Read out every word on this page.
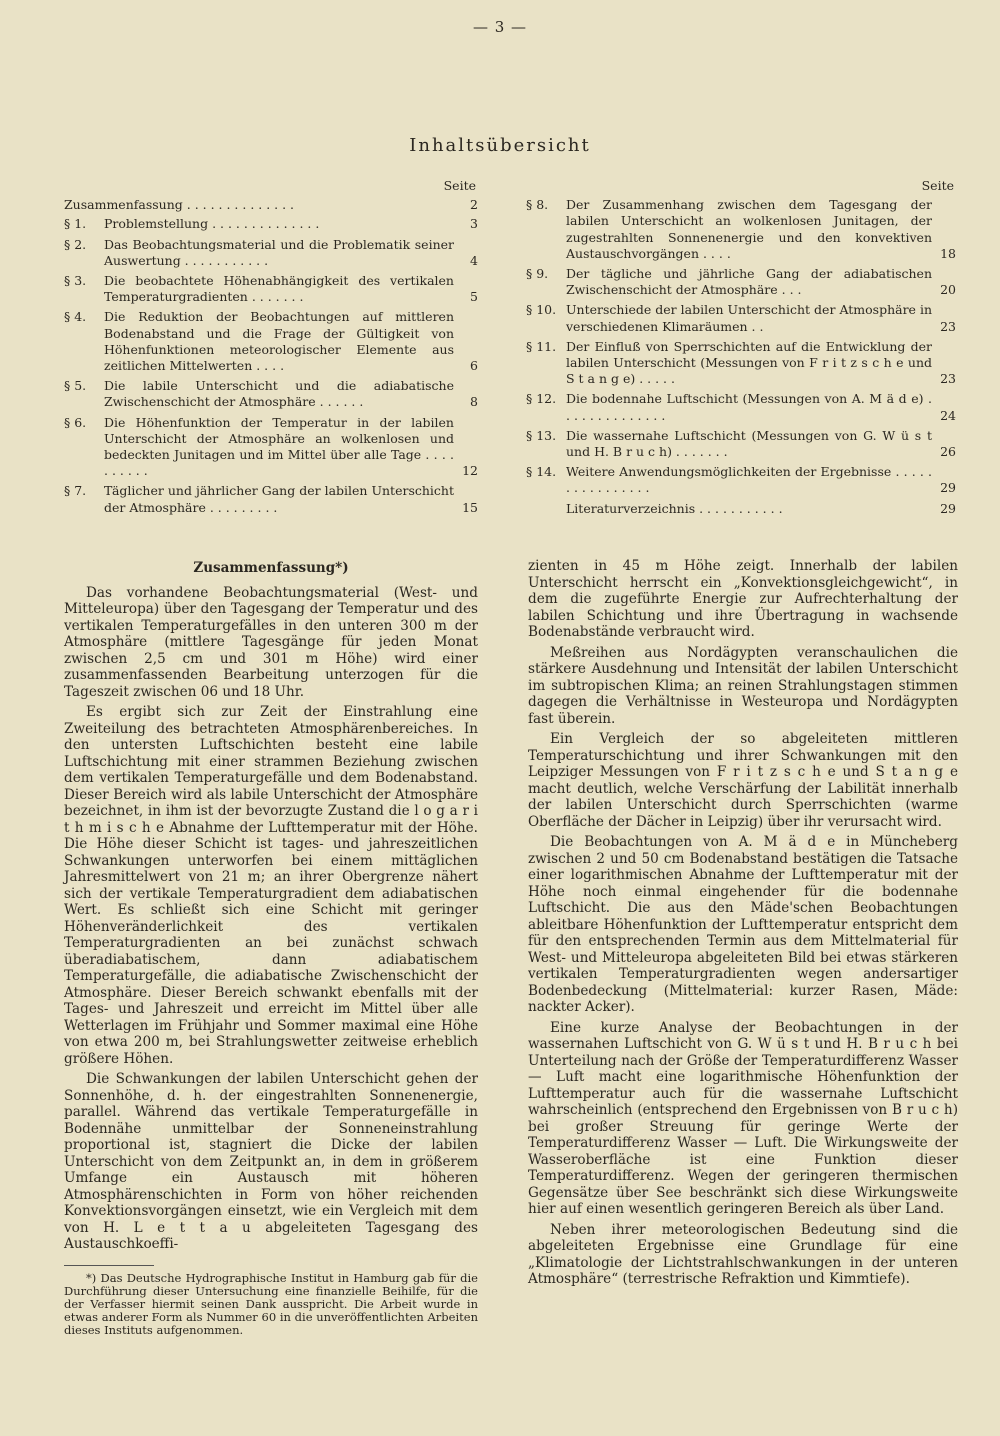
— 3 —
Inhaltsübersicht
Seite
Zusammenfassung . . . . . . . . . . . . . .	2
§ 1.	Problemstellung . . . . . . . . . . . . . .	3
§ 2.	Das Beobachtungsmaterial und die Problematik seiner Auswertung . . . . . . . . . . .	4
§ 3.	Die beobachtete Höhenabhängigkeit des vertikalen Temperaturgradienten . . . . . . .	5
§ 4.	Die Reduktion der Beobachtungen auf mittleren Bodenabstand und die Frage der Gültigkeit von Höhenfunktionen meteorologischer Elemente aus zeitlichen Mittelwerten . . . .	6
§ 5.	Die labile Unterschicht und die adiabatische Zwischenschicht der Atmosphäre . . . . . .	8
§ 6.	Die Höhenfunktion der Temperatur in der labilen Unterschicht der Atmosphäre an wolkenlosen und bedeckten Junitagen und im Mittel über alle Tage . . . . . . . . . .	12
§ 7.	Täglicher und jährlicher Gang der labilen Unterschicht der Atmosphäre . . . . . . . . .	15
Seite
§ 8.	Der Zusammenhang zwischen dem Tagesgang der labilen Unterschicht an wolkenlosen Junitagen, der zugestrahlten Sonnenenergie und den konvektiven Austauschvorgängen . . . .	18
§ 9.	Der tägliche und jährliche Gang der adiabatischen Zwischenschicht der Atmosphäre . . .	20
§ 10. Unterschiede der labilen Unterschicht der Atmosphäre in verschiedenen Klimaräumen . .	23
§ 11. Der Einfluß von Sperrschichten auf die Entwicklung der labilen Unterschicht (Messungen von F r i t z s c h e und S t a n g e) . . . . .	23
§ 12. Die bodennahe Luftschicht (Messungen von A. M ä d e) . . . . . . . . . . . . . .	24
§ 13. Die wassernahe Luftschicht (Messungen von G. W ü s t und H. B r u c h) . . . . . . .	26
§ 14. Weitere Anwendungsmöglichkeiten der Ergebnisse . . . . . . . . . . . . . . . .	29
Literaturverzeichnis . . . . . . . . . . .	29
Zusammenfassung*)

Das vorhandene Beobachtungsmaterial (West- und Mitteleuropa) über den Tagesgang der Temperatur und des vertikalen Temperaturgefälles in den unteren 300 m der Atmosphäre (mittlere Tagesgänge für jeden Monat zwischen 2,5 cm und 301 m Höhe) wird einer zusammenfassenden Bearbeitung unterzogen für die Tageszeit zwischen 06 und 18 Uhr.

Es ergibt sich zur Zeit der Einstrahlung eine Zweiteilung des betrachteten Atmosphärenbereiches. In den untersten Luftschichten besteht eine labile Luftschichtung mit einer strammen Beziehung zwischen dem vertikalen Temperaturgefälle und dem Bodenabstand. Dieser Bereich wird als labile Unterschicht der Atmosphäre bezeichnet, in ihm ist der bevorzugte Zustand die l o g a r i t h m i s c h e Abnahme der Lufttemperatur mit der Höhe. Die Höhe dieser Schicht ist tages- und jahreszeitlichen Schwankungen unterworfen bei einem mittäglichen Jahresmittelwert von 21 m; an ihrer Obergrenze nähert sich der vertikale Temperaturgradient dem adiabatischen Wert. Es schließt sich eine Schicht mit geringer Höhenveränderlichkeit des vertikalen Temperaturgradienten an bei zunächst schwach überadiabatischem, dann adiabatischem Temperaturgefälle, die adiabatische Zwischenschicht der Atmosphäre. Dieser Bereich schwankt ebenfalls mit der Tages- und Jahreszeit und erreicht im Mittel über alle Wetterlagen im Frühjahr und Sommer maximal eine Höhe von etwa 200 m, bei Strahlungswetter zeitweise erheblich größere Höhen.

Die Schwankungen der labilen Unterschicht gehen der Sonnenhöhe, d. h. der eingestrahlten Sonnenenergie, parallel. Während das vertikale Temperaturgefälle in Bodennähe unmittelbar der Sonneneinstrahlung proportional ist, stagniert die Dicke der labilen Unterschicht von dem Zeitpunkt an, in dem in größerem Umfange ein Austausch mit höheren Atmosphärenschichten in Form von höher reichenden Konvektionsvorgängen einsetzt, wie ein Vergleich mit dem von H. L e t t a u abgeleiteten Tagesgang des Austauschkoeffi-

*) Das Deutsche Hydrographische Institut in Hamburg gab für die Durchführung dieser Untersuchung eine finanzielle Beihilfe, für die der Verfasser hiermit seinen Dank ausspricht. Die Arbeit wurde in etwas anderer Form als Nummer 60 in die unveröffentlichten Arbeiten dieses Instituts aufgenommen.

zienten in 45 m Höhe zeigt. Innerhalb der labilen Unterschicht herrscht ein „Konvektionsgleichgewicht“, in dem die zugeführte Energie zur Aufrechterhaltung der labilen Schichtung und ihre Übertragung in wachsende Bodenabstände verbraucht wird.

Meßreihen aus Nordägypten veranschaulichen die stärkere Ausdehnung und Intensität der labilen Unterschicht im subtropischen Klima; an reinen Strahlungstagen stimmen dagegen die Verhältnisse in Westeuropa und Nordägypten fast überein.

Ein Vergleich der so abgeleiteten mittleren Temperaturschichtung und ihrer Schwankungen mit den Leipziger Messungen von F r i t z s c h e und S t a n g e macht deutlich, welche Verschärfung der Labilität innerhalb der labilen Unterschicht durch Sperrschichten (warme Oberfläche der Dächer in Leipzig) über ihr verursacht wird.

Die Beobachtungen von A. M ä d e in Müncheberg zwischen 2 und 50 cm Bodenabstand bestätigen die Tatsache einer logarithmischen Abnahme der Lufttemperatur mit der Höhe noch einmal eingehender für die bodennahe Luftschicht. Die aus den Mäde'schen Beobachtungen ableitbare Höhenfunktion der Lufttemperatur entspricht dem für den entsprechenden Termin aus dem Mittelmaterial für West- und Mitteleuropa abgeleiteten Bild bei etwas stärkeren vertikalen Temperaturgradienten wegen andersartiger Bodenbedeckung (Mittelmaterial: kurzer Rasen, Mäde: nackter Acker).

Eine kurze Analyse der Beobachtungen in der wassernahen Luftschicht von G. W ü s t und H. B r u c h bei Unterteilung nach der Größe der Temperaturdifferenz Wasser — Luft macht eine logarithmische Höhenfunktion der Lufttemperatur auch für die wassernahe Luftschicht wahrscheinlich (entsprechend den Ergebnissen von B r u c h) bei großer Streuung für geringe Werte der Temperaturdifferenz Wasser — Luft. Die Wirkungsweite der Wasseroberfläche ist eine Funktion dieser Temperaturdifferenz. Wegen der geringeren thermischen Gegensätze über See beschränkt sich diese Wirkungsweite hier auf einen wesentlich geringeren Bereich als über Land.

Neben ihrer meteorologischen Bedeutung sind die abgeleiteten Ergebnisse eine Grundlage für eine „Klimatologie der Lichtstrahlschwankungen in der unteren Atmosphäre“ (terrestrische Refraktion und Kimmtiefe).
